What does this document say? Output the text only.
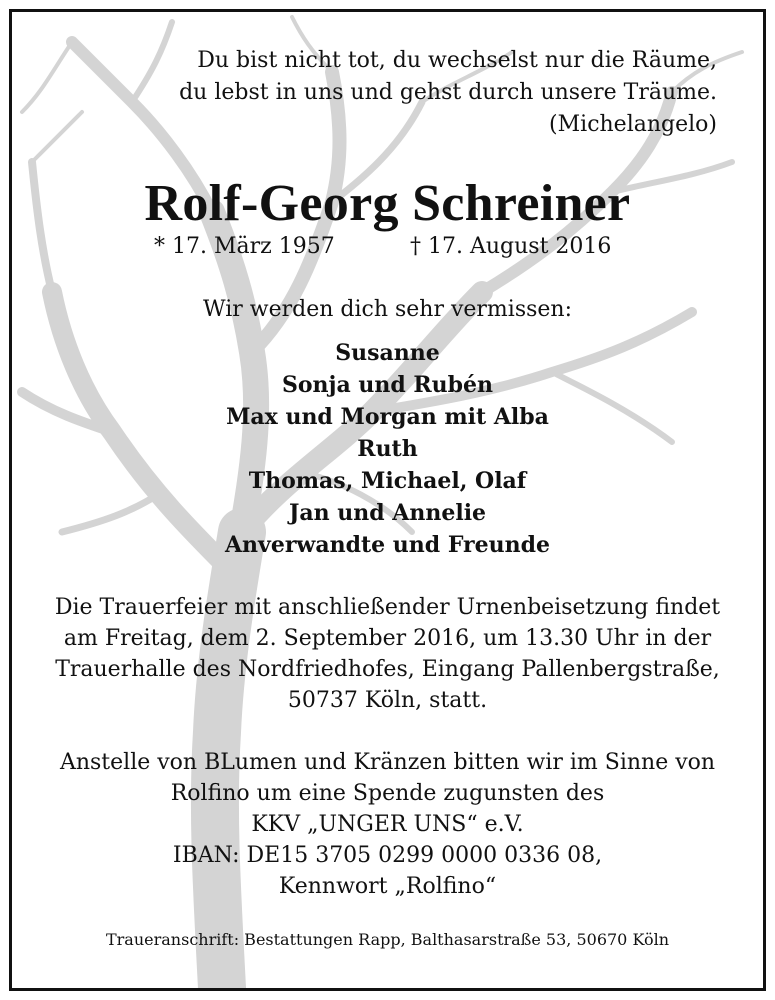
Du bist nicht tot, du wechselst nur die Räume,
du lebst in uns und gehst durch unsere Träume.
(Michelangelo)
Rolf-Georg Schreiner
* 17. März 1957	† 17. August 2016
Wir werden dich sehr vermissen:
Susanne
Sonja und Rubén
Max und Morgan mit Alba
Ruth
Thomas, Michael, Olaf
Jan und Annelie
Anverwandte und Freunde
Die Trauerfeier mit anschließender Urnenbeisetzung findet
am Freitag, dem 2. September 2016, um 13.30 Uhr in der
Trauerhalle des Nordfriedhofes, Eingang Pallenbergstraße,
50737 Köln, statt.
Anstelle von BLumen und Kränzen bitten wir im Sinne von
Rolfino um eine Spende zugunsten des
KKV „UNGER UNS“ e.V.
IBAN: DE15 3705 0299 0000 0336 08,
Kennwort „Rolfino“
Traueranschrift: Bestattungen Rapp, Balthasarstraße 53, 50670 Köln
